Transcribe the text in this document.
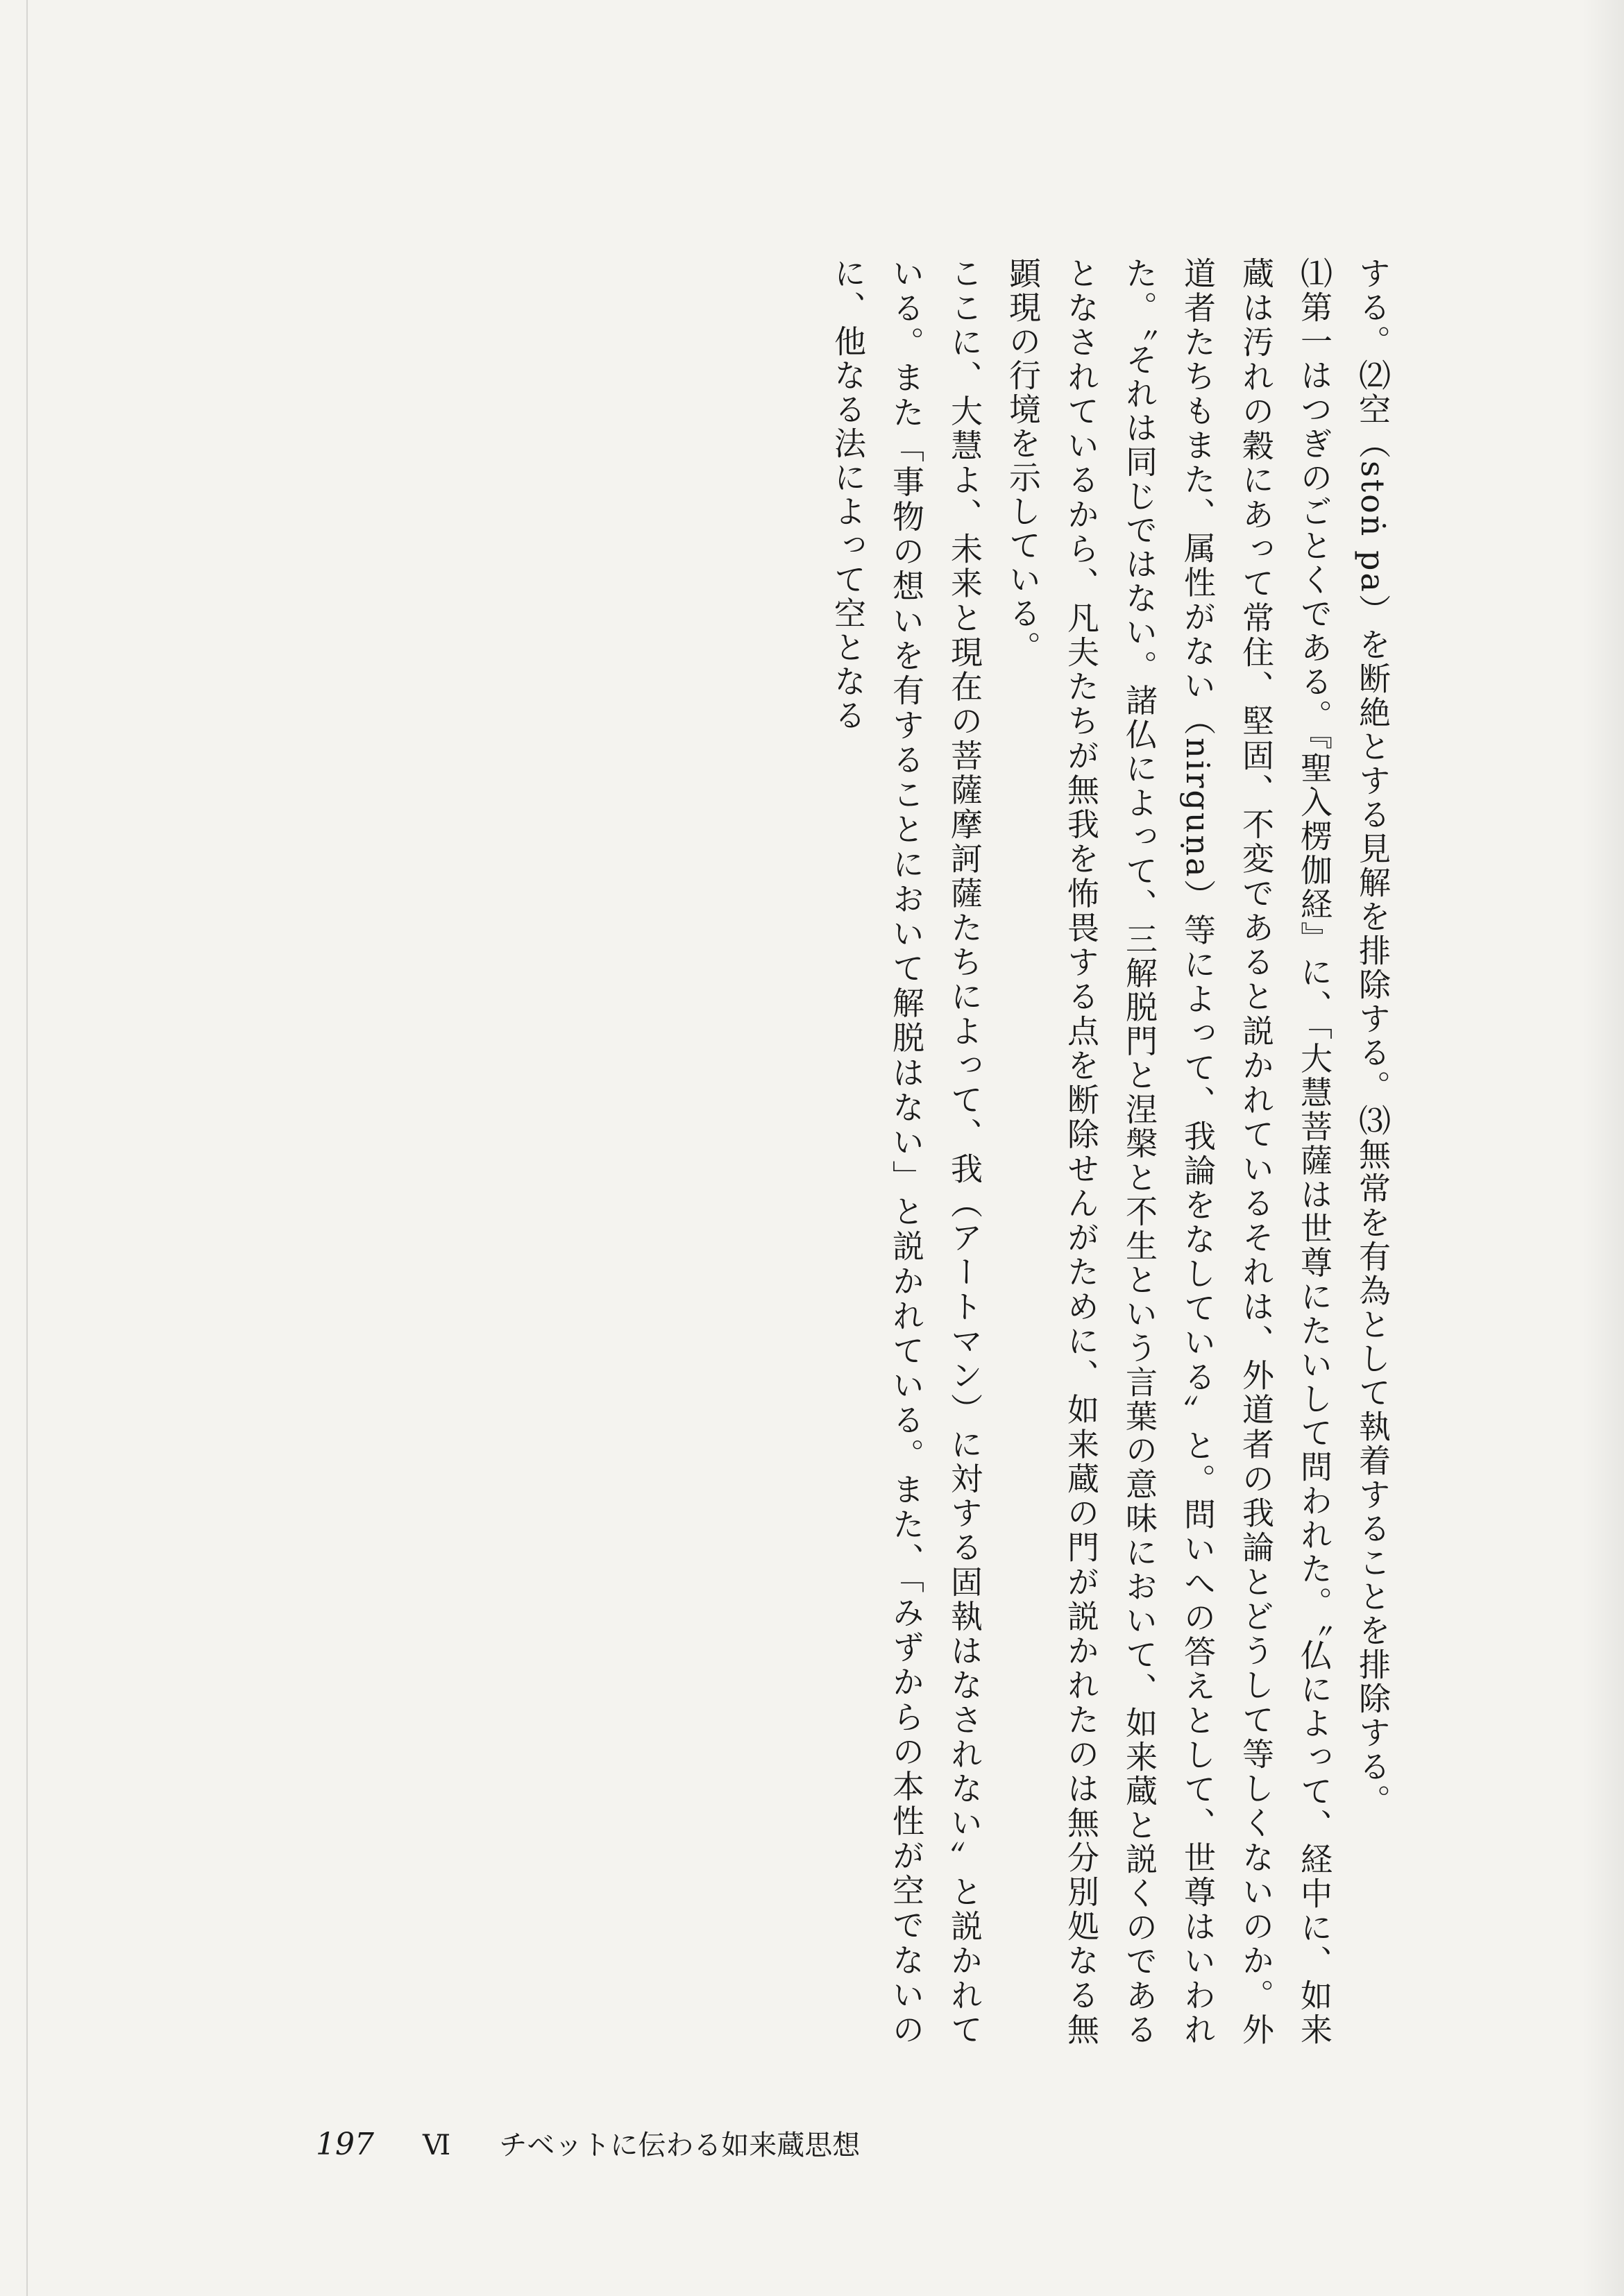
する。⑵空（stoṅ pa）を断絶とする見解を排除する。⑶無常を有為として執着することを排除する。

⑴第一はつぎのごとくである。『聖入楞伽経』に、「大慧菩薩は世尊にたいして問われた。〝仏によって、経中に、如来蔵は汚れの穀にあって常住、堅固、不変であると説かれているそれは、外道者の我論とどうして等しくないのか。外道者たちもまた、属性がない（nirguṇa）等によって、我論をなしている〟と。問いへの答えとして、世尊はいわれた。〝それは同じではない。諸仏によって、三解脱門と涅槃と不生という言葉の意味において、如来蔵と説くのであるとなされているから、凡夫たちが無我を怖畏する点を断除せんがために、如来蔵の門が説かれたのは無分別処なる無顕現の行境を示している。

ここに、大慧よ、未来と現在の菩薩摩訶薩たちによって、我（アートマン）に対する固執はなされない〟と説かれている。また「事物の想いを有することにおいて解脱はない」と説かれている。また、「みずからの本性が空でないのに、他なる法によって空となる

197 Ⅵ チベットに伝わる如来蔵思想
